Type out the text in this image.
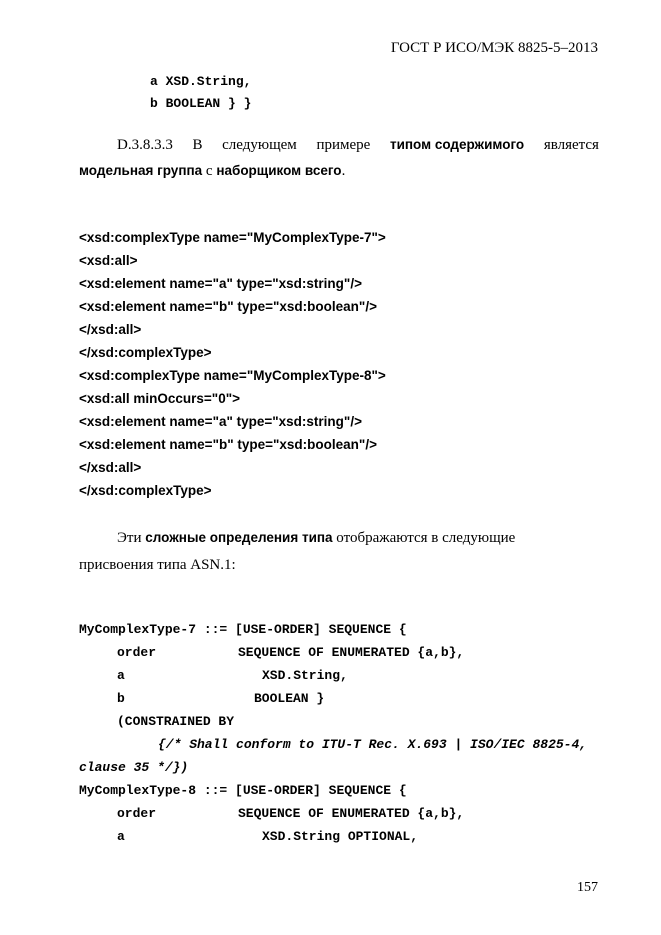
ГОСТ Р ИСО/МЭК 8825-5–2013
a XSD.String,
b BOOLEAN } }
D.3.8.3.3 В следующем примере типом содержимого является
модельная группа с наборщиком всего.
<xsd:complexType name="MyComplexType-7">
<xsd:all>
<xsd:element name="a" type="xsd:string"/>
<xsd:element name="b" type="xsd:boolean"/>
</xsd:all>
</xsd:complexType>
<xsd:complexType name="MyComplexType-8">
<xsd:all minOccurs="0">
<xsd:element name="a" type="xsd:string"/>
<xsd:element name="b" type="xsd:boolean"/>
</xsd:all>
</xsd:complexType>
Эти сложные определения типа отображаются в следующие
присвоения типа ASN.1:
MyComplexType-7 ::= [USE-ORDER] SEQUENCE {
order	SEQUENCE OF ENUMERATED {a,b},
a	XSD.String,
b	BOOLEAN }
(CONSTRAINED BY
{/* Shall conform to ITU-T Rec. X.693 | ISO/IEC 8825-4,
clause 35 */})
MyComplexType-8 ::= [USE-ORDER] SEQUENCE {
order	SEQUENCE OF ENUMERATED {a,b},
a	XSD.String OPTIONAL,
157
